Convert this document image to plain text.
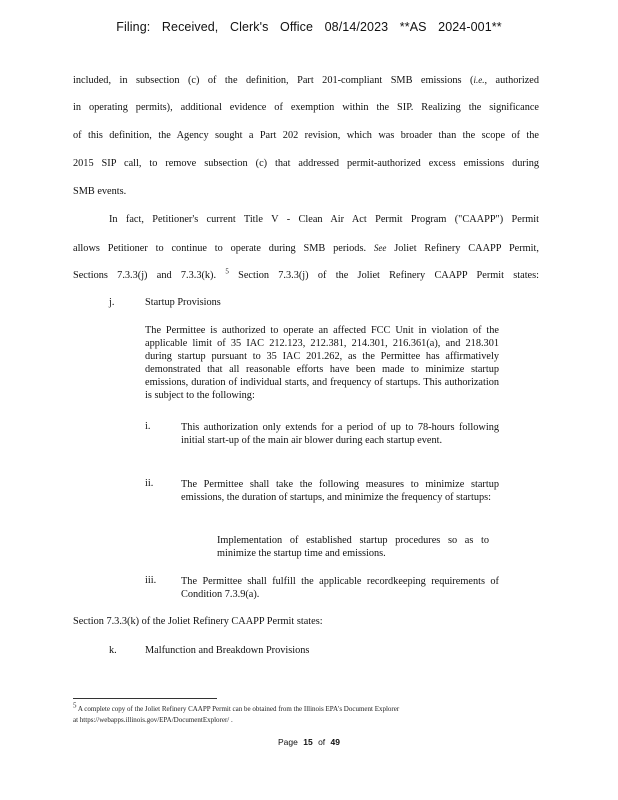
Filing: Received, Clerk's Office 08/14/2023 **AS 2024-001**
included, in subsection (c) of the definition, Part 201-compliant SMB emissions (i.e., authorized
in operating permits), additional evidence of exemption within the SIP. Realizing the significance
of this definition, the Agency sought a Part 202 revision, which was broader than the scope of the
2015 SIP call, to remove subsection (c) that addressed permit-authorized excess emissions during
SMB events.
In fact, Petitioner's current Title V - Clean Air Act Permit Program ("CAAPP") Permit
allows Petitioner to continue to operate during SMB periods. See Joliet Refinery CAAPP Permit,
Sections 7.3.3(j) and 7.3.3(k). $^5$ Section 7.3.3(j) of the Joliet Refinery CAAPP Permit states:
j.	Startup Provisions
The Permittee is authorized to operate an affected FCC Unit in violation of the applicable limit of 35 IAC 212.123, 212.381, 214.301, 216.361(a), and 218.301 during startup pursuant to 35 IAC 201.262, as the Permittee has affirmatively demonstrated that all reasonable efforts have been made to minimize startup emissions, duration of individual starts, and frequency of startups. This authorization is subject to the following:
i.	This authorization only extends for a period of up to 78-hours following initial start-up of the main air blower during each startup event.
ii.	The Permittee shall take the following measures to minimize startup emissions, the duration of startups, and minimize the frequency of startups:
Implementation of established startup procedures so as to minimize the startup time and emissions.
iii. The Permittee shall fulfill the applicable recordkeeping requirements of Condition 7.3.9(a).
Section 7.3.3(k) of the Joliet Refinery CAAPP Permit states:
k.	Malfunction and Breakdown Provisions
5 A complete copy of the Joliet Refinery CAAPP Permit can be obtained from the Illinois EPA's Document Explorer
at https://webapps.illinois.gov/EPA/DocumentExplorer/ .
Page 15 of 49
